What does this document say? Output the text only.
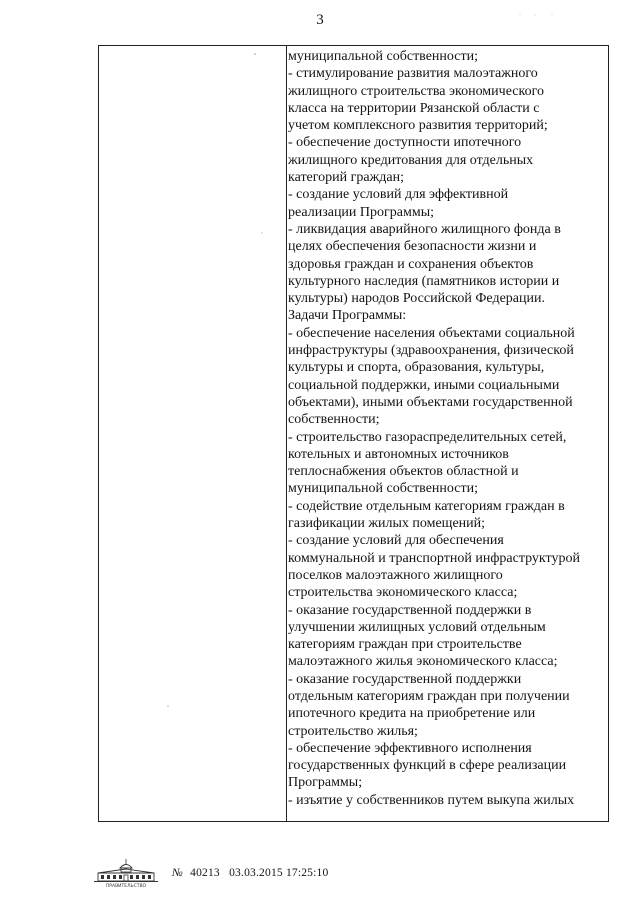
3
муниципальной собственности;
- стимулирование развития малоэтажного
жилищного строительства экономического
класса на территории Рязанской области с
учетом комплексного развития территорий;
- обеспечение доступности ипотечного
жилищного кредитования для отдельных
категорий граждан;
- создание условий для эффективной
реализации Программы;
- ликвидация аварийного жилищного фонда в
целях обеспечения безопасности жизни и
здоровья граждан и сохранения объектов
культурного наследия (памятников истории и
культуры) народов Российской Федерации.
Задачи Программы:
- обеспечение населения объектами социальной
инфраструктуры (здравоохранения, физической
культуры и спорта, образования, культуры,
социальной поддержки, иными социальными
объектами), иными объектами государственной
собственности;
- строительство газораспределительных сетей,
котельных и автономных источников
теплоснабжения объектов областной и
муниципальной собственности;
- содействие отдельным категориям граждан в
газификации жилых помещений;
- создание условий для обеспечения
коммунальной и транспортной инфраструктурой
поселков малоэтажного жилищного
строительства экономического класса;
- оказание государственной поддержки в
улучшении жилищных условий отдельным
категориям граждан при строительстве
малоэтажного жилья экономического класса;
- оказание государственной поддержки
отдельным категориям граждан при получении
ипотечного кредита на приобретение или
строительство жилья;
- обеспечение эффективного исполнения
государственных функций в сфере реализации
Программы;
- изъятие у собственников путем выкупа жилых
ПРАВИТЕЛЬСТВО
№ 40213 03.03.2015 17:25:10
